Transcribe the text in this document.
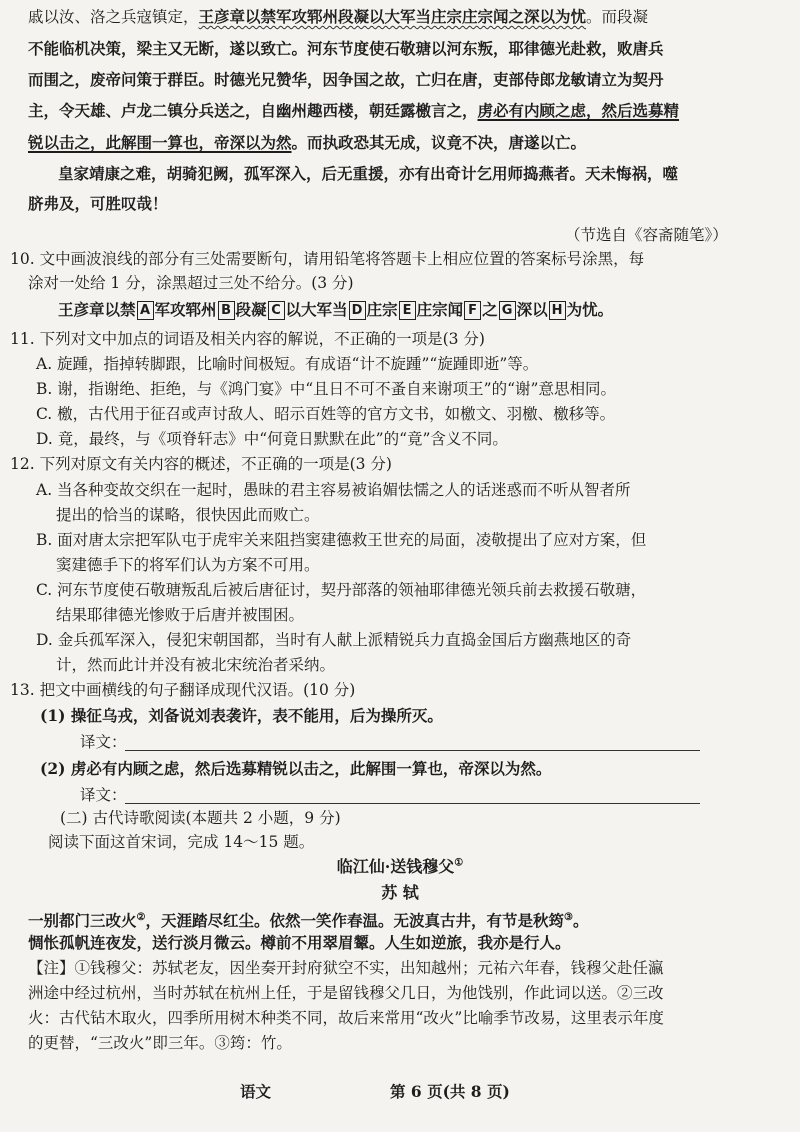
戚以汝、洛之兵寇镇定，王彦章以禁军攻郓州段凝以大军当庄宗庄宗闻之深以为忧。而段凝
不能临机决策，梁主又无断，遂以致亡。河东节度使石敬瑭以河东叛，耶律德光赴救，败唐兵
而围之，废帝问策于群臣。时德光兄赞华，因争国之故，亡归在唐，吏部侍郎龙敏请立为契丹
主，令天雄、卢龙二镇分兵送之，自幽州趣西楼，朝廷露檄言之，虏必有内顾之虑，然后选募精
锐以击之，此解围一算也，帝深以为然。而执政恐其无成，议竟不决，唐遂以亡。
皇家靖康之难，胡骑犯阙，孤军深入，后无重援，亦有出奇计乞用师捣燕者。天未悔祸，噬
脐弗及，可胜叹哉！
（节选自《容斋随笔》）
10. 文中画波浪线的部分有三处需要断句，请用铅笔将答题卡上相应位置的答案标号涂黑，每
涂对一处给 1 分，涂黑超过三处不给分。(3 分)
王彦章以禁 A 军攻郓州 B 段凝 C 以大军当 D 庄宗 E 庄宗闻 F 之 G 深以 H 为忧。
11. 下列对文中加点的词语及相关内容的解说，不正确的一项是(3 分)
A. 旋踵，指掉转脚跟，比喻时间极短。有成语“计不旋踵”“旋踵即逝”等。
B. 谢，指谢绝、拒绝，与《鸿门宴》中“且日不可不蚤自来谢项王”的“谢”意思相同。
C. 檄，古代用于征召或声讨敌人、昭示百姓等的官方文书，如檄文、羽檄、檄移等。
D. 竟，最终，与《项脊轩志》中“何竟日默默在此”的“竟”含义不同。
12. 下列对原文有关内容的概述，不正确的一项是(3 分)
A. 当各种变故交织在一起时，愚昧的君主容易被谄媚怯懦之人的话迷惑而不听从智者所
提出的恰当的谋略，很快因此而败亡。
B. 面对唐太宗把军队屯于虎牢关来阻挡窦建德救王世充的局面，凌敬提出了应对方案，但
窦建德手下的将军们认为方案不可用。
C. 河东节度使石敬瑭叛乱后被后唐征讨，契丹部落的领袖耶律德光领兵前去救援石敬瑭，
结果耶律德光惨败于后唐并被围困。
D. 金兵孤军深入，侵犯宋朝国都，当时有人献上派精锐兵力直捣金国后方幽燕地区的奇
计，然而此计并没有被北宋统治者采纳。
13. 把文中画横线的句子翻译成现代汉语。(10 分)
(1) 操征乌戎，刘备说刘表袭许，表不能用，后为操所灭。
译文：
(2) 虏必有内顾之虑，然后选募精锐以击之，此解围一算也，帝深以为然。
译文：
(二) 古代诗歌阅读(本题共 2 小题，9 分)
阅读下面这首宋词，完成 14～15 题。
临江仙·送钱穆父①
苏 轼
一别都门三改火②，天涯踏尽红尘。依然一笑作春温。无波真古井，有节是秋筠③。
惆怅孤帆连夜发，送行淡月微云。樽前不用翠眉颦。人生如逆旅，我亦是行人。
【注】①钱穆父：苏轼老友，因坐奏开封府狱空不实，出知越州；元祐六年春，钱穆父赴任瀛
洲途中经过杭州，当时苏轼在杭州上任，于是留钱穆父几日，为他饯别，作此词以送。②三改
火：古代钻木取火，四季所用树木种类不同，故后来常用“改火”比喻季节改易，这里表示年度
的更替，“三改火”即三年。③筠：竹。
语文	第 6 页(共 8 页)
